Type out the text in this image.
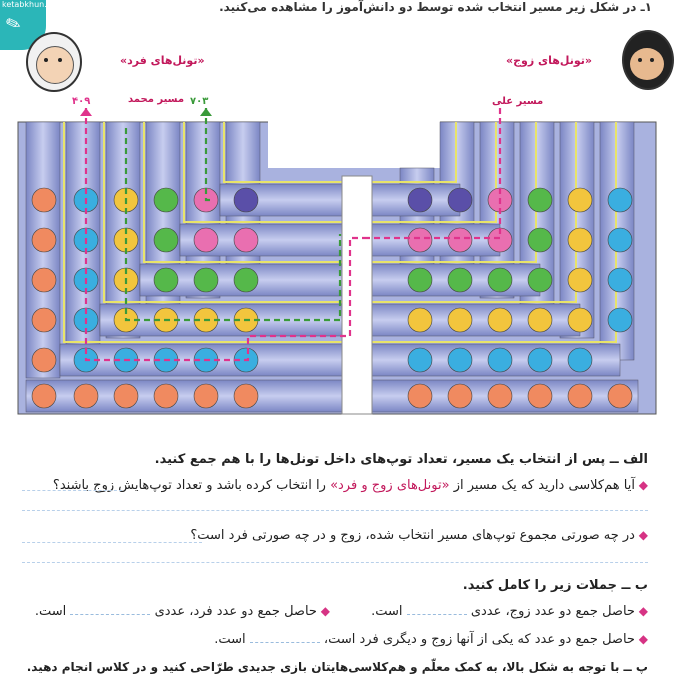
۱ـ در شکل زیر مسیر انتخاب شده توسط دو دانش‌آموز را مشاهده می‌کنید.
ketabkhun.com
✎
«تونل‌های فرد»	«تونل‌های زوج»
۴۰۹	مسیر محمد ۷۰۳	مسیر علی
الف ــ پس از انتخاب یک مسیر، تعداد توپ‌های داخل تونل‌ها را با هم جمع کنید.
◆ آیا هم‌کلاسی دارید که یک مسیر از «تونل‌های زوج و فرد» را انتخاب کرده باشد و تعداد توپ‌هایش زوج باشند؟
◆ در چه صورتی مجموع توپ‌های مسیر انتخاب شده، زوج و در چه صورتی فرد است؟
ب ــ جملات زیر را کامل کنید.
◆ حاصل جمع دو عدد زوج، عددی  است.
◆ حاصل جمع دو عدد فرد، عددی  است.
◆ حاصل جمع دو عدد که یکی از آنها زوج و دیگری فرد است،  است.
پ ــ با توجه به شکل بالا، به کمک معلّم و هم‌کلاسی‌هایتان بازی جدیدی طرّاحی کنید و در کلاس انجام دهید.
